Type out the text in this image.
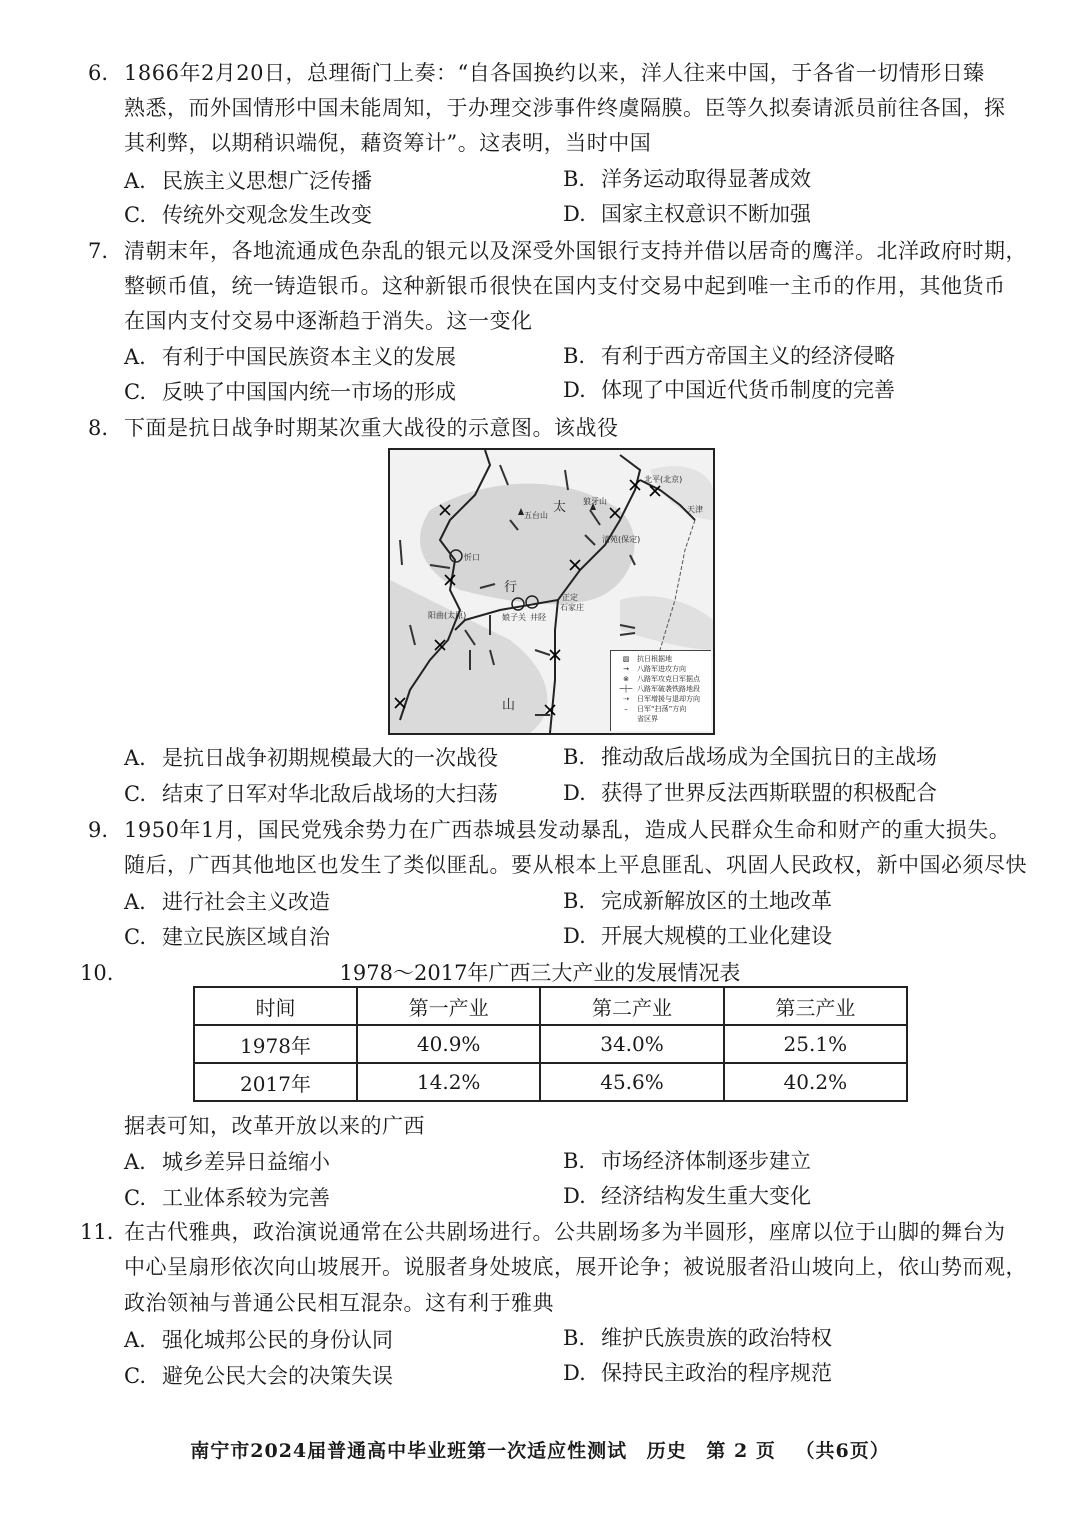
6. 1866年2月20日，总理衙门上奏：“自各国换约以来，洋人往来中国，于各省一切情形日臻
熟悉，而外国情形中国未能周知，于办理交涉事件终虞隔膜。臣等久拟奏请派员前往各国，探
其利弊，以期稍识端倪，藉资筹计”。这表明，当时中国
A. 民族主义思想广泛传播	B. 洋务运动取得显著成效
C. 传统外交观念发生改变	D. 国家主权意识不断加强
7. 清朝末年，各地流通成色杂乱的银元以及深受外国银行支持并借以居奇的鹰洋。北洋政府时期，
整顿币值，统一铸造银币。这种新银币很快在国内支付交易中起到唯一主币的作用，其他货币
在国内支付交易中逐渐趋于消失。这一变化
A. 有利于中国民族资本主义的发展	B. 有利于西方帝国主义的经济侵略
C. 反映了中国国内统一市场的形成	D. 体现了中国近代货币制度的完善
8. 下面是抗日战争时期某次重大战役的示意图。该战役
北平(北京)
天津
狼牙山
五台山
清苑(保定)
忻口
正定
石家庄
阳曲(太原)	娘子关 井陉
太
行
山
▨ 抗日根据地
→ 八路军进攻方向
⊗ 八路军攻克日军据点
─┼─ 八路军破袭铁路地段
⇢ 日军增援与退却方向
– 日军“扫荡”方向
省区界
A. 是抗日战争初期规模最大的一次战役	B. 推动敌后战场成为全国抗日的主战场
C. 结束了日军对华北敌后战场的大扫荡	D. 获得了世界反法西斯联盟的积极配合
9. 1950年1月，国民党残余势力在广西恭城县发动暴乱，造成人民群众生命和财产的重大损失。
随后，广西其他地区也发生了类似匪乱。要从根本上平息匪乱、巩固人民政权，新中国必须尽快
A. 进行社会主义改造	B. 完成新解放区的土地改革
C. 建立民族区域自治	D. 开展大规模的工业化建设
10.	1978～2017年广西三大产业的发展情况表
时间	第一产业	第二产业	第三产业
1978年	40.9%	34.0%	25.1%
2017年	14.2%	45.6%	40.2%
据表可知，改革开放以来的广西
A. 城乡差异日益缩小	B. 市场经济体制逐步建立
C. 工业体系较为完善	D. 经济结构发生重大变化
11. 在古代雅典，政治演说通常在公共剧场进行。公共剧场多为半圆形，座席以位于山脚的舞台为
中心呈扇形依次向山坡展开。说服者身处坡底，展开论争；被说服者沿山坡向上，依山势而观，
政治领袖与普通公民相互混杂。这有利于雅典
A. 强化城邦公民的身份认同	B. 维护氏族贵族的政治特权
C. 避免公民大会的决策失误	D. 保持民主政治的程序规范
南宁市2024届普通高中毕业班第一次适应性测试 历史 第 2 页 （共6页）
